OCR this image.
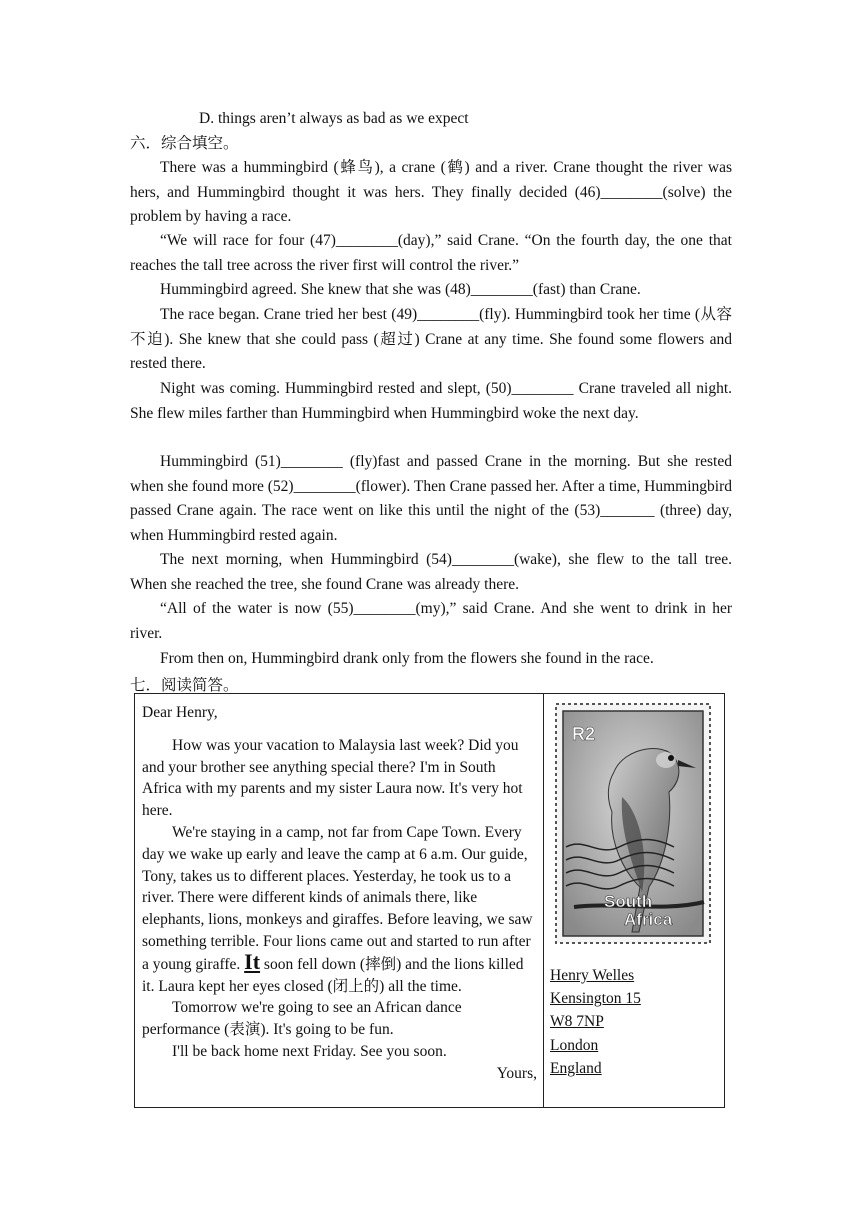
D. things aren’t always as bad as we expect
六．综合填空。
There was a hummingbird (蜂鸟), a crane (鹤) and a river. Crane thought the river was hers, and Hummingbird thought it was hers. They finally decided (46)________(solve) the problem by having a race.
“We will race for four (47)________(day),” said Crane. “On the fourth day, the one that reaches the tall tree across the river first will control the river.”
Hummingbird agreed. She knew that she was (48)________(fast) than Crane.
The race began. Crane tried her best (49)________(fly). Hummingbird took her time (从容不迫). She knew that she could pass (超过) Crane at any time. She found some flowers and rested there.
Night was coming. Hummingbird rested and slept, (50)________ Crane traveled all night. She flew miles farther than Hummingbird when Hummingbird woke the next day.
Hummingbird (51)________ (fly)fast and passed Crane in the morning. But she rested when she found more (52)________(flower). Then Crane passed her. After a time, Hummingbird passed Crane again. The race went on like this until the night of the (53)_______ (three) day, when Hummingbird rested again.
The next morning, when Hummingbird (54)________(wake), she flew to the tall tree. When she reached the tree, she found Crane was already there.
“All of the water is now (55)________(my),” said Crane. And she went to drink in her river.
From then on, Hummingbird drank only from the flowers she found in the race.
七．阅读简答。

Dear Henry,

How was your vacation to Malaysia last week? Did you and your brother see anything special there? I'm in South Africa with my parents and my sister Laura now. It's very hot here.

We're staying in a camp, not far from Cape Town. Every day we wake up early and leave the camp at 6 a.m. Our guide, Tony, takes us to different places. Yesterday, he took us to a river. There were different kinds of animals there, like elephants, lions, monkeys and giraffes. Before leaving, we saw something terrible. Four lions came out and started to run after a young giraffe. It soon fell down (摔倒) and the lions killed it. Laura kept her eyes closed (闭上的) all the time.

Tomorrow we're going to see an African dance performance (表演). It's going to be fun.

I'll be back home next Friday. See you soon.

Yours,

R2
South
Africa
Henry Welles
Kensington 15
W8 7NP
London
England
